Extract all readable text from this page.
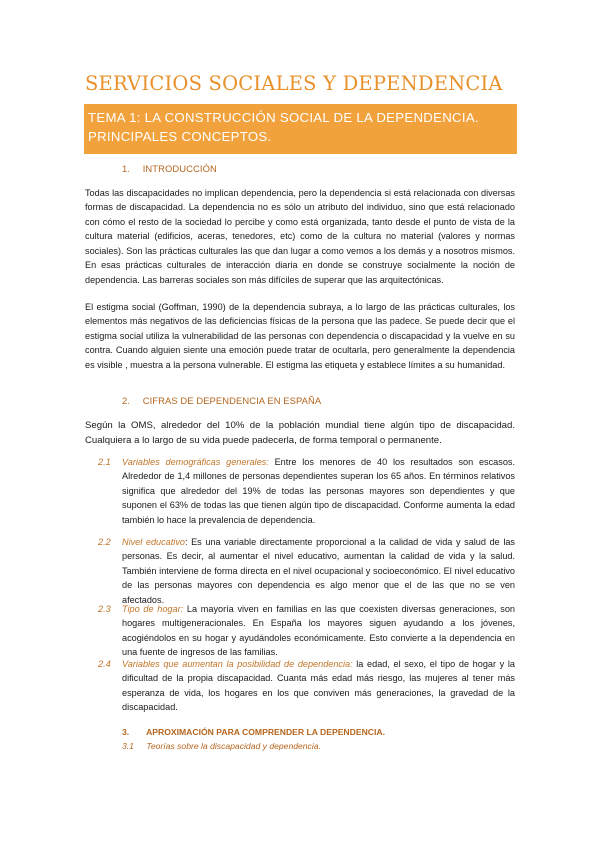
SERVICIOS SOCIALES Y DEPENDENCIA
TEMA 1: LA CONSTRUCCIÓN SOCIAL DE LA DEPENDENCIA.
PRINCIPALES CONCEPTOS.
1. INTRODUCCIÓN

Todas las discapacidades no implican dependencia, pero la dependencia si está relacionada con diversas formas de discapacidad. La dependencia no es sólo un atributo del individuo, sino que está relacionado con cómo el resto de la sociedad lo percibe y como está organizada, tanto desde el punto de vista de la cultura material (edificios, aceras, tenedores, etc) como de la cultura no material (valores y normas sociales). Son las prácticas culturales las que dan lugar a como vemos a los demás y a nosotros mismos. En esas prácticas culturales de interacción diaria en donde se construye socialmente la noción de dependencia. Las barreras sociales son más difíciles de superar que las arquitectónicas.

El estigma social (Goffman, 1990) de la dependencia subraya, a lo largo de las prácticas culturales, los elementos más negativos de las deficiencias físicas de la persona que las padece. Se puede decir que el estigma social utiliza la vulnerabilidad de las personas con dependencia o discapacidad y la vuelve en su contra. Cuando alguien siente una emoción puede tratar de ocultarla, pero generalmente la dependencia es visible , muestra a la persona vulnerable. El estigma las etiqueta y establece límites a su humanidad.

2. CIFRAS DE DEPENDENCIA EN ESPAÑA

Según la OMS, alrededor del 10% de la población mundial tiene algún tipo de discapacidad. Cualquiera a lo largo de su vida puede padecerla, de forma temporal o permanente.

2.1 Variables demográficas generales: Entre los menores de 40 los resultados son escasos. Alrededor de 1,4 millones de personas dependientes superan los 65 años. En términos relativos significa que alrededor del 19% de todas las personas mayores son dependientes y que suponen el 63% de todas las que tienen algún tipo de discapacidad. Conforme aumenta la edad también lo hace la prevalencia de dependencia.
2.2 Nivel educativo: Es una variable directamente proporcional a la calidad de vida y salud de las personas. Es decir, al aumentar el nivel educativo, aumentan la calidad de vida y la salud. También interviene de forma directa en el nivel ocupacional y socioeconómico. El nivel educativo de las personas mayores con dependencia es algo menor que el de las que no se ven afectados.
2.3 Tipo de hogar: La mayoría viven en familias en las que coexisten diversas generaciones, son hogares multigeneracionales. En España los mayores siguen ayudando a los jóvenes, acogiéndolos en su hogar y ayudándoles económicamente. Esto convierte a la dependencia en una fuente de ingresos de las familias.
2.4 Variables que aumentan la posibilidad de dependencia: la edad, el sexo, el tipo de hogar y la dificultad de la propia discapacidad. Cuanta más edad más riesgo, las mujeres al tener más esperanza de vida, los hogares en los que conviven más generaciones, la gravedad de la discapacidad.
3. APROXIMACIÓN PARA COMPRENDER LA DEPENDENCIA.
3.1 Teorías sobre la discapacidad y dependencia.
